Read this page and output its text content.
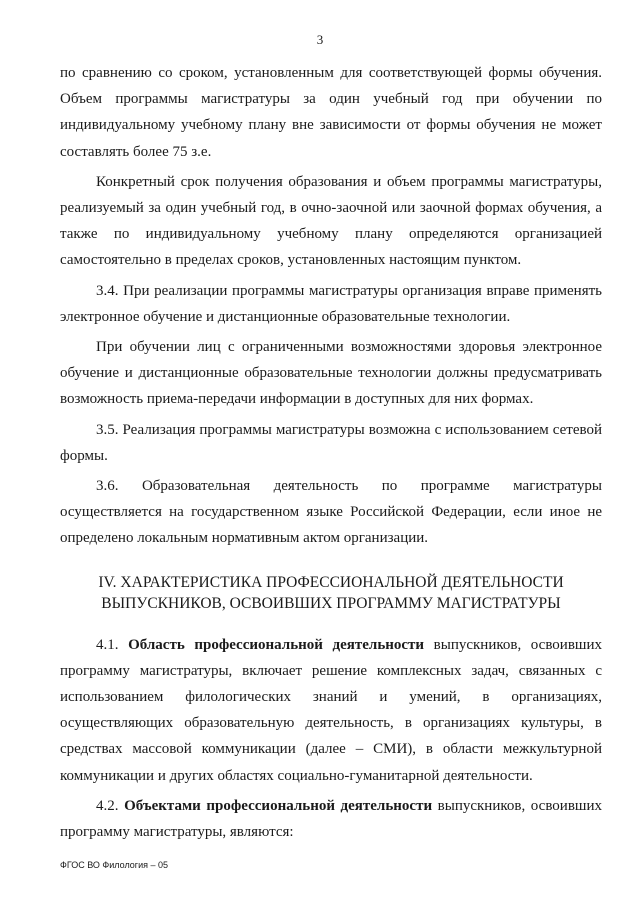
3

по сравнению со сроком, установленным для соответствующей формы обучения. Объем программы магистратуры за один учебный год при обучении по индивидуальному учебному плану вне зависимости от формы обучения не может составлять более 75 з.е.

Конкретный срок получения образования и объем программы магистратуры, реализуемый за один учебный год, в очно-заочной или заочной формах обучения, а также по индивидуальному учебному плану определяются организацией самостоятельно в пределах сроков, установленных настоящим пунктом.

3.4. При реализации программы магистратуры организация вправе применять электронное обучение и дистанционные образовательные технологии.

При обучении лиц с ограниченными возможностями здоровья электронное обучение и дистанционные образовательные технологии должны предусматривать возможность приема-передачи информации в доступных для них формах.

3.5. Реализация программы магистратуры возможна с использованием сетевой формы.

3.6. Образовательная деятельность по программе магистратуры осуществляется на государственном языке Российской Федерации, если иное не определено локальным нормативным актом организации.

IV. ХАРАКТЕРИСТИКА ПРОФЕССИОНАЛЬНОЙ ДЕЯТЕЛЬНОСТИ
ВЫПУСКНИКОВ, ОСВОИВШИХ ПРОГРАММУ МАГИСТРАТУРЫ

4.1. Область профессиональной деятельности выпускников, освоивших программу магистратуры, включает решение комплексных задач, связанных с использованием филологических знаний и умений, в организациях, осуществляющих образовательную деятельность, в организациях культуры, в средствах массовой коммуникации (далее – СМИ), в области межкультурной коммуникации и других областях социально-гуманитарной деятельности.

4.2. Объектами профессиональной деятельности выпускников, освоивших программу магистратуры, являются:

ФГОС ВО Филология – 05
